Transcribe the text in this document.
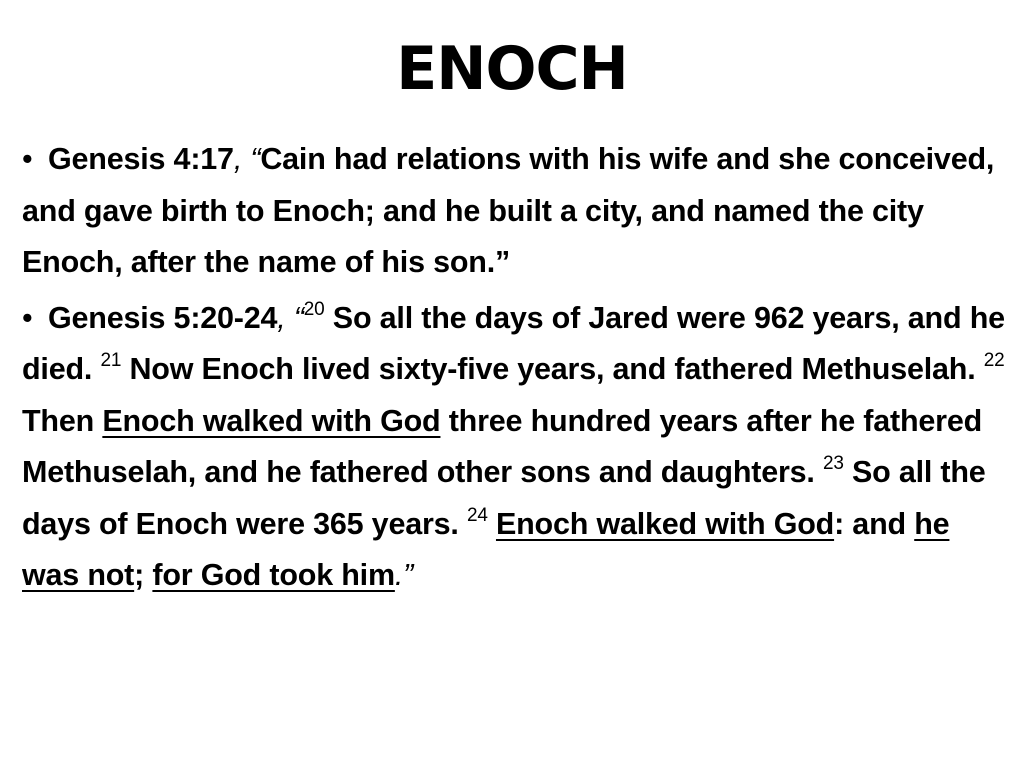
ENOCH

• Genesis 4:17, “Cain had relations with his wife and she conceived, and gave birth to Enoch; and he built a city, and named the city Enoch, after the name of his son.”

• Genesis 5:20-24, “$^{20}$ So all the days of Jared were 962 years, and he died. $^{21}$ Now Enoch lived sixty-five years, and fathered Methuselah. $^{22}$ Then Enoch walked with God three hundred years after he fathered Methuselah, and he fathered other sons and daughters. $^{23}$ So all the days of Enoch were 365 years. $^{24}$ Enoch walked with God: and he was not; for God took him.”
